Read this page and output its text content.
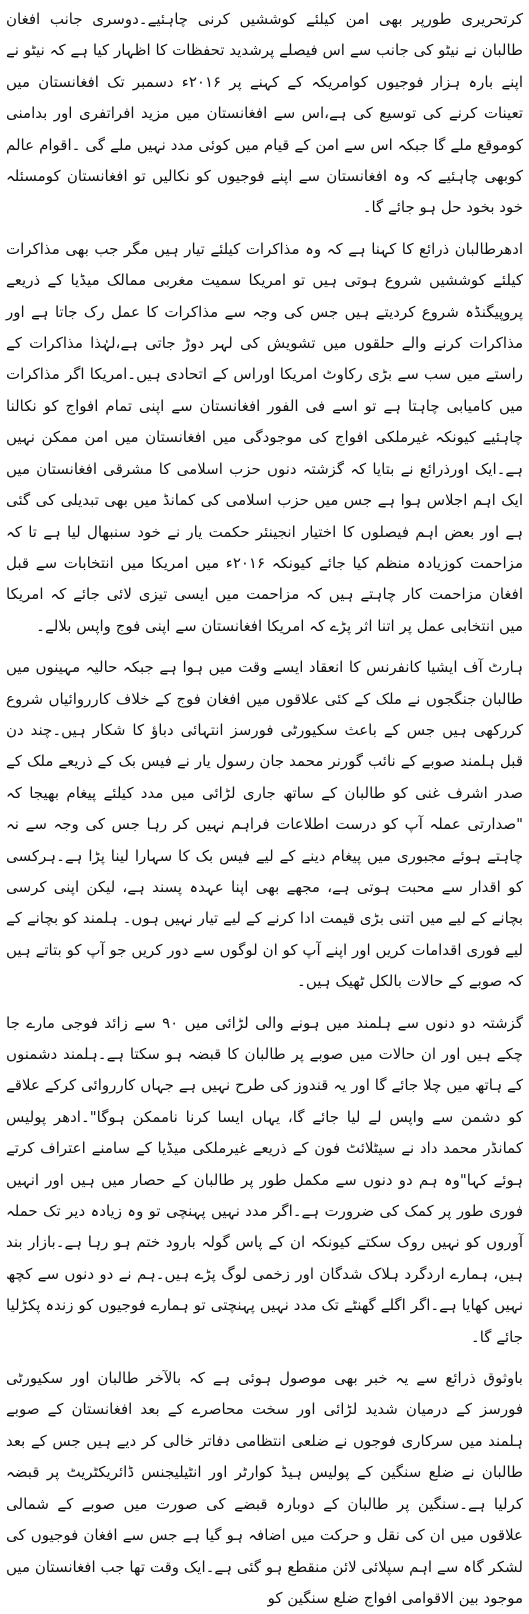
کرتحریری طورپر بھی امن کیلئے کوششیں کرنی چاہئیے۔دوسری جانب افغان طالبان نے نیٹو کی جانب سے اس فیصلے پرشدید تحفظات کا اظہار کیا ہے کہ نیٹو نے اپنے بارہ ہزار فوجیوں کوامریکہ کے کہنے پر ۲۰۱۶ء دسمبر تک افغانستان میں تعینات کرنے کی توسیع کی ہے،اس سے افغانستان میں مزید افراتفری اور بدامنی کوموقع ملے گا جبکہ اس سے امن کے قیام میں کوئی مدد نہیں ملے گی ۔اقوام عالم کوبھی چاہئیے کہ وہ افغانستان سے اپنے فوجیوں کو نکالیں تو افغانستان کومسئلہ خود بخود حل ہو جائے گا۔

ادھرطالبان ذرائع کا کہنا ہے کہ وہ مذاکرات کیلئے تیار ہیں مگر جب بھی مذاکرات کیلئے کوششیں شروع ہوتی ہیں تو امریکا سمیت مغربی ممالک میڈیا کے ذریعے پروپیگنڈہ شروع کردیتے ہیں جس کی وجہ سے مذاکرات کا عمل رک جاتا ہے اور مذاکرات کرنے والے حلقوں میں تشویش کی لہر دوڑ جاتی ہے،لہٰذا مذاکرات کے راستے میں سب سے بڑی رکاوٹ امریکا اوراس کے اتحادی ہیں۔امریکا اگر مذاکرات میں کامیابی چاہتا ہے تو اسے فی الفور افغانستان سے اپنی تمام افواج کو نکالنا چاہئیے کیونکہ غیرملکی افواج کی موجودگی میں افغانستان میں امن ممکن نہیں ہے۔ایک اورذرائع نے بتایا کہ گزشتہ دنوں حزب اسلامی کا مشرقی افغانستان میں ایک اہم اجلاس ہوا ہے جس میں حزب اسلامی کی کمانڈ میں بھی تبدیلی کی گئی ہے اور بعض اہم فیصلوں کا اختیار انجینئر حکمت یار نے خود سنبھال لیا ہے تا کہ مزاحمت کوزیادہ منظم کیا جائے کیونکہ ۲۰۱۶ء میں امریکا میں انتخابات سے قبل افغان مزاحمت کار چاہتے ہیں کہ مزاحمت میں ایسی تیزی لائی جائے کہ امریکا میں انتخابی عمل پر اتنا اثر پڑے کہ امریکا افغانستان سے اپنی فوج واپس بلالے۔

ہارٹ آف ایشیا کانفرنس کا انعقاد ایسے وقت میں ہوا ہے جبکہ حالیہ مہینوں میں طالبان جنگجوں نے ملک کے کئی علاقوں میں افغان فوج کے خلاف کارروائیاں شروع کررکھی ہیں جس کے باعث سکیورٹی فورسز انتہائی دباؤ کا شکار ہیں۔چند دن قبل ہلمند صوبے کے نائب گورنر محمد جان رسول یار نے فیس بک کے ذریعے ملک کے صدر اشرف غنی کو طالبان کے ساتھ جاری لڑائی میں مدد کیلئے پیغام بھیجا کہ "صدارتی عملہ آپ کو درست اطلاعات فراہم نہیں کر رہا جس کی وجہ سے نہ چاہتے ہوئے مجبوری میں پیغام دینے کے لیے فیس بک کا سہارا لینا پڑا ہے۔ہرکسی کو اقدار سے محبت ہوتی ہے، مجھے بھی اپنا عہدہ پسند ہے، لیکن اپنی کرسی بچانے کے لیے میں اتنی بڑی قیمت ادا کرنے کے لیے تیار نہیں ہوں۔ ہلمند کو بچانے کے لیے فوری اقدامات کریں اور اپنے آپ کو ان لوگوں سے دور کریں جو آپ کو بتاتے ہیں کہ صوبے کے حالات بالکل ٹھیک ہیں۔

گزشتہ دو دنوں سے ہلمند میں ہونے والی لڑائی میں ۹۰ سے زائد فوجی مارے جا چکے ہیں اور ان حالات میں صوبے پر طالبان کا قبضہ ہو سکتا ہے۔ہلمند دشمنوں کے ہاتھ میں چلا جائے گا اور یہ قندوز کی طرح نہیں ہے جہاں کارروائی کرکے علاقے کو دشمن سے واپس لے لیا جائے گا، یہاں ایسا کرنا ناممکن ہوگا"۔ادھر پولیس کمانڈر محمد داد نے سیٹلائٹ فون کے ذریعے غیرملکی میڈیا کے سامنے اعتراف کرتے ہوئے کہا"وہ ہم دو دنوں سے مکمل طور پر طالبان کے حصار میں ہیں اور انہیں فوری طور پر کمک کی ضرورت ہے۔اگر مدد نہیں پہنچی تو وہ زیادہ دیر تک حملہ آوروں کو نہیں روک سکتے کیونکہ ان کے پاس گولہ بارود ختم ہو رہا ہے۔بازار بند ہیں، ہمارے اردگرد ہلاک شدگان اور زخمی لوگ پڑے ہیں۔ہم نے دو دنوں سے کچھ نہیں کھایا ہے۔اگر اگلے گھنٹے تک مدد نہیں پہنچتی تو ہمارے فوجیوں کو زندہ پکڑلیا جائے گا۔

باوثوق ذرائع سے یہ خبر بھی موصول ہوئی ہے کہ بالآخر طالبان اور سکیورٹی فورسز کے درمیان شدید لڑائی اور سخت محاصرے کے بعد افغانستان کے صوبے ہلمند میں سرکاری فوجوں نے ضلعی انتظامی دفاتر خالی کر دیے ہیں جس کے بعد طالبان نے ضلع سنگین کے پولیس ہیڈ کوارٹر اور انٹیلیجنس ڈائریکٹریٹ پر قبضہ کرلیا ہے۔سنگین پر طالبان کے دوبارہ قبضے کی صورت میں صوبے کے شمالی علاقوں میں ان کی نقل و حرکت میں اضافہ ہو گیا ہے جس سے افغان فوجیوں کی لشکر گاہ سے اہم سپلائی لائن منقطع ہو گئی ہے۔ایک وقت تھا جب افغانستان میں موجود بین الاقوامی افواج ضلع سنگین کو
